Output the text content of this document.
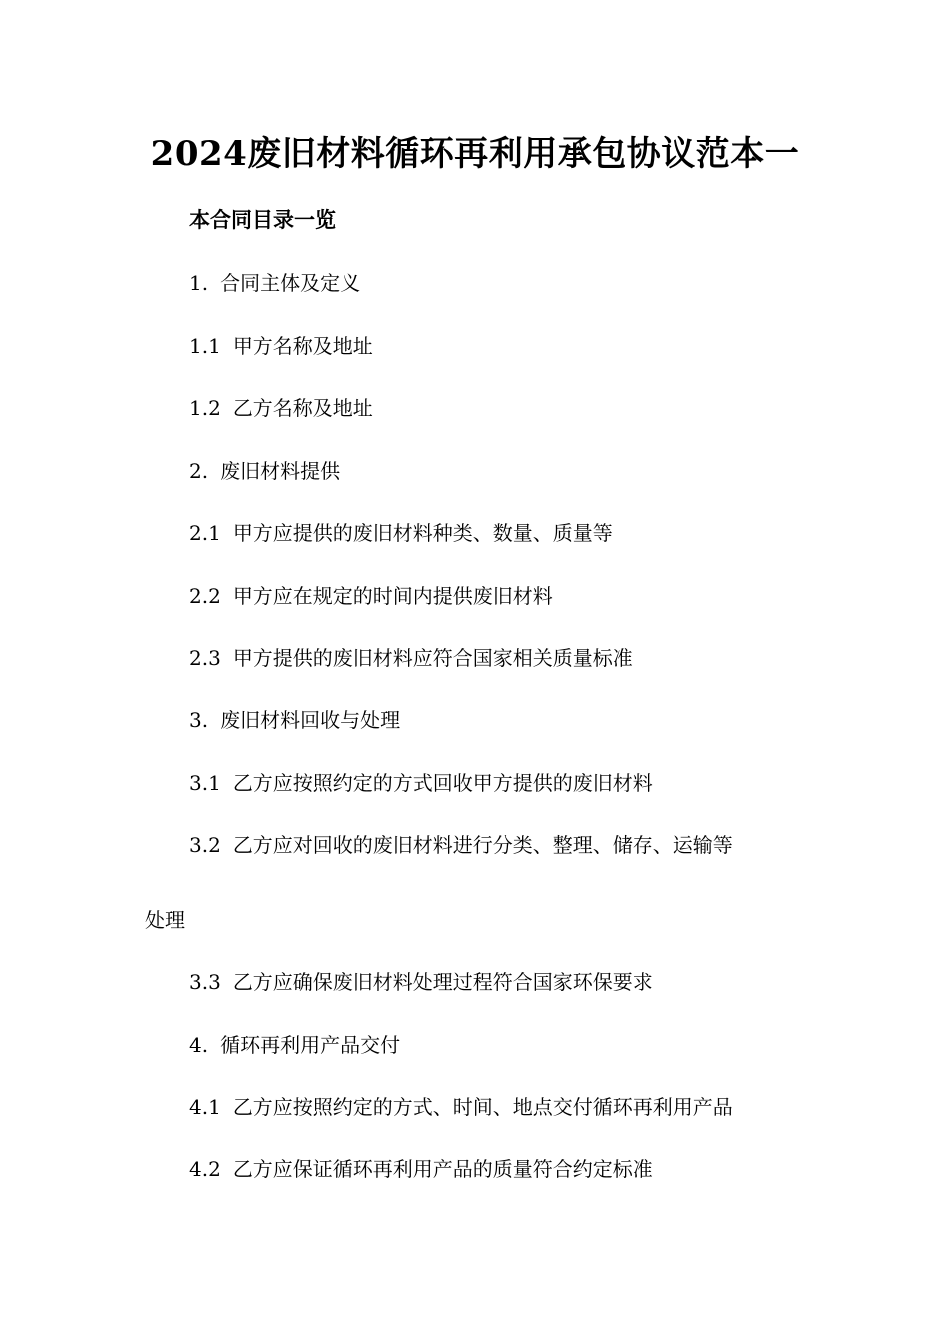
2024废旧材料循环再利用承包协议范本一
本合同目录一览
1. 合同主体及定义
1.1 甲方名称及地址
1.2 乙方名称及地址
2. 废旧材料提供
2.1 甲方应提供的废旧材料种类、数量、质量等
2.2 甲方应在规定的时间内提供废旧材料
2.3 甲方提供的废旧材料应符合国家相关质量标准
3. 废旧材料回收与处理
3.1 乙方应按照约定的方式回收甲方提供的废旧材料
3.2 乙方应对回收的废旧材料进行分类、整理、储存、运输等
处理
3.3 乙方应确保废旧材料处理过程符合国家环保要求
4. 循环再利用产品交付
4.1 乙方应按照约定的方式、时间、地点交付循环再利用产品
4.2 乙方应保证循环再利用产品的质量符合约定标准
